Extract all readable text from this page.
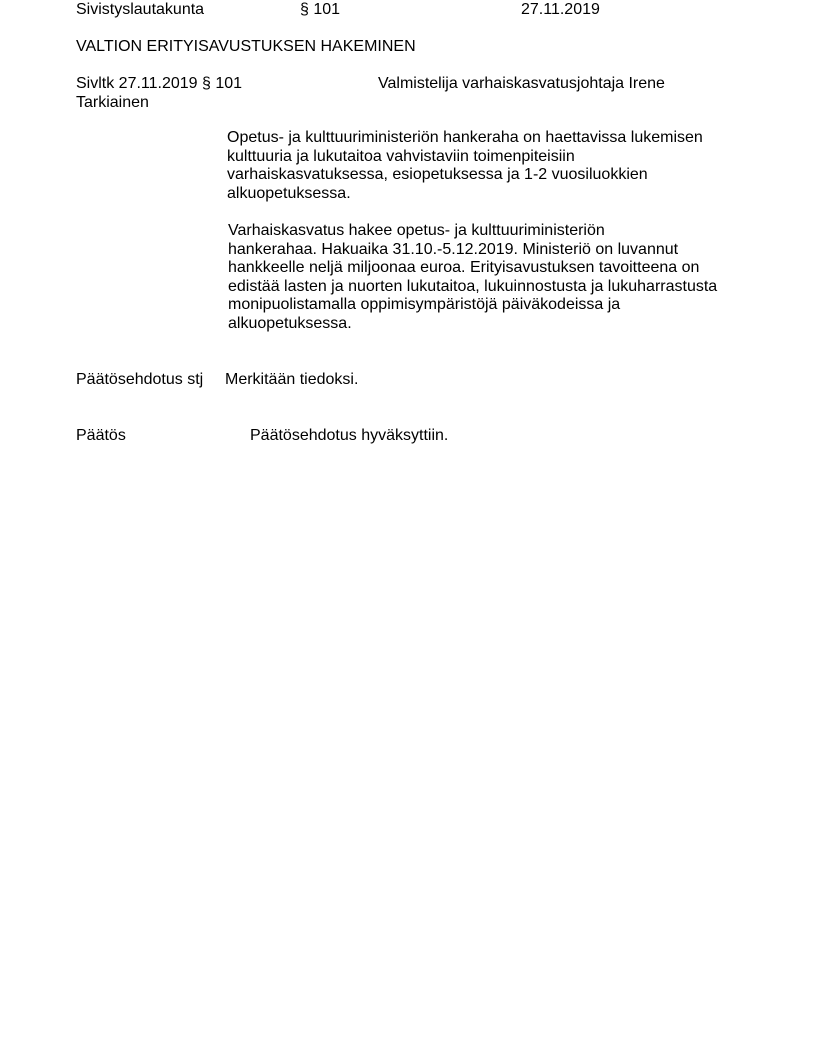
Sivistyslautakunta	§ 101	27.11.2019
VALTION ERITYISAVUSTUKSEN HAKEMINEN
Sivltk 27.11.2019 § 101	Valmistelija varhaiskasvatusjohtaja Irene
Tarkiainen

Opetus- ja kulttuuriministeriön hankeraha on haettavissa lukemisen

kulttuuria ja lukutaitoa vahvistaviin toimenpiteisiin

varhaiskasvatuksessa, esiopetuksessa ja 1-2 vuosiluokkien

alkuopetuksessa.

Varhaiskasvatus hakee opetus- ja kulttuuriministeriön

hankerahaa. Hakuaika 31.10.-5.12.2019. Ministeriö on luvannut

hankkeelle neljä miljoonaa euroa. Erityisavustuksen tavoitteena on

edistää lasten ja nuorten lukutaitoa, lukuinnostusta ja lukuharrastusta

monipuolistamalla oppimisympäristöjä päiväkodeissa ja

alkuopetuksessa.

Päätösehdotus stj Merkitään tiedoksi.
Päätös	Päätösehdotus hyväksyttiin.
